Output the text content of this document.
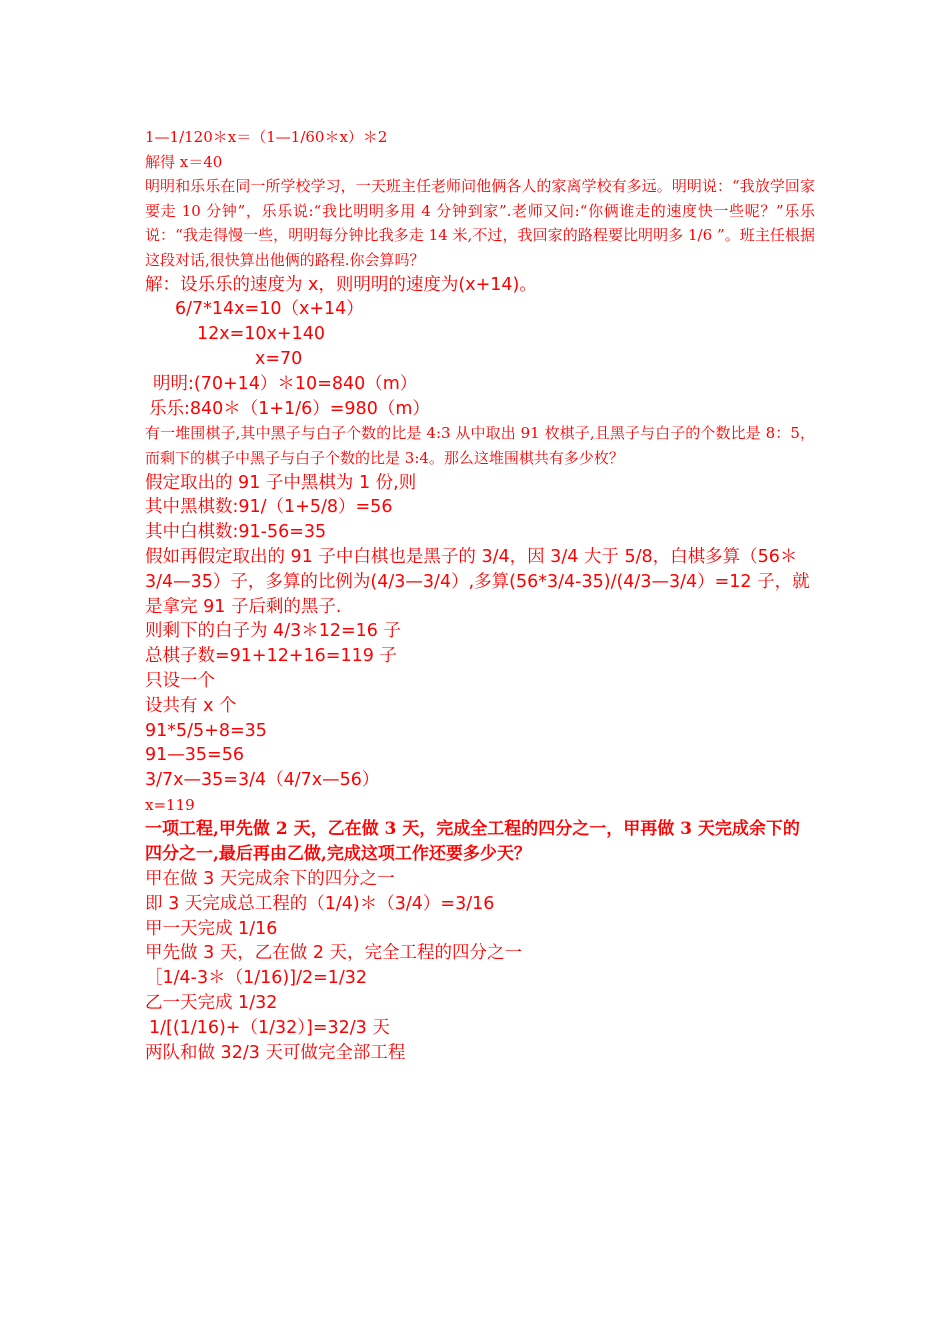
1—1/120＊x＝（1—1/60＊x）＊2

解得 x＝40

明明和乐乐在同一所学校学习，一天班主任老师问他俩各人的家离学校有多远。明明说：“我放学回家要走 10 分钟”，乐乐说:“我比明明多用 4 分钟到家”.老师又问:“你俩谁走的速度快一些呢？”乐乐说：“我走得慢一些，明明每分钟比我多走 14 米,不过，我回家的路程要比明明多 1/6 ”。班主任根据这段对话,很快算出他俩的路程.你会算吗？

解：设乐乐的速度为 x，则明明的速度为(x+14)。

6/7*14x=10（x+14）

12x=10x+140

x=70

明明:(70+14）＊10=840（m）

乐乐:840＊（1+1/6）=980（m）

有一堆围棋子,其中黑子与白子个数的比是 4:3 从中取出 91 枚棋子,且黑子与白子的个数比是 8：5，而剩下的棋子中黑子与白子个数的比是 3:4。那么这堆围棋共有多少枚？

假定取出的 91 子中黑棋为 1 份,则

其中黑棋数:91/（1+5/8）=56

其中白棋数:91-56=35

假如再假定取出的 91 子中白棋也是黑子的 3/4，因 3/4 大于 5/8，白棋多算（56＊3/4—35）子，多算的比例为(4/3—3/4）,多算(56*3/4-35)/(4/3—3/4）=12 子，就是拿完 91 子后剩的黑子.

则剩下的白子为 4/3＊12=16 子

总棋子数=91+12+16=119 子

只设一个

设共有 x 个

91*5/5+8=35

91—35=56

3/7x—35=3/4（4/7x—56）

x=119

一项工程,甲先做 2 天，乙在做 3 天，完成全工程的四分之一，甲再做 3 天完成余下的四分之一,最后再由乙做,完成这项工作还要多少天？

甲在做 3 天完成余下的四分之一

即 3 天完成总工程的（1/4)＊（3/4）=3/16

甲一天完成 1/16

甲先做 3 天，乙在做 2 天，完全工程的四分之一

［1/4-3＊（1/16)]/2=1/32

乙一天完成 1/32

1/[(1/16)+（1/32）]=32/3 天

两队和做 32/3 天可做完全部工程
